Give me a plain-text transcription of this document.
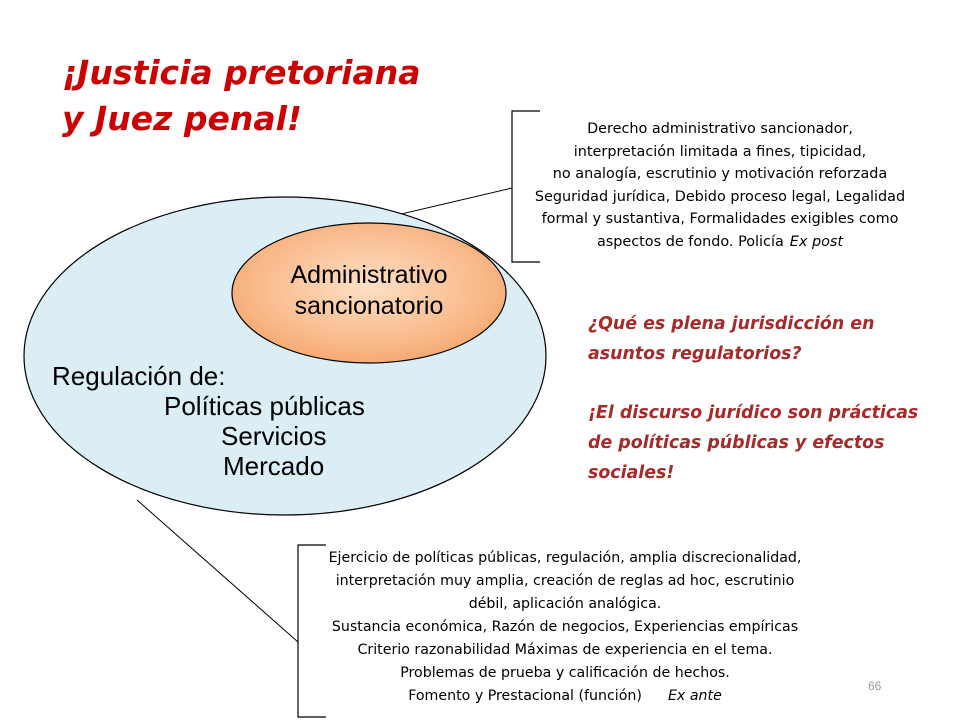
¡Justicia pretoriana
y Juez penal!	Derecho administrativo sancionador,
interpretación limitada a fines, tipicidad,
no analogía, escrutinio y motivación reforzada
Seguridad jurídica, Debido proceso legal, Legalidad
formal y sustantiva, Formalidades exigibles como
aspectos de fondo. Policía Ex post
Administrativo
sancionatorio
Regulación de:
Políticas públicas
Servicios
Mercado
¿Qué es plena jurisdicción en
asuntos regulatorios?
¡El discurso jurídico son prácticas
de políticas públicas y efectos
sociales!
Ejercicio de políticas públicas, regulación, amplia discrecionalidad,
interpretación muy amplia, creación de reglas ad hoc, escrutinio
débil, aplicación analógica.
Sustancia económica, Razón de negocios, Experiencias empíricas
Criterio razonabilidad Máximas de experiencia en el tema.
Problemas de prueba y calificación de hechos.
Fomento y Prestacional (función) Ex ante
66
